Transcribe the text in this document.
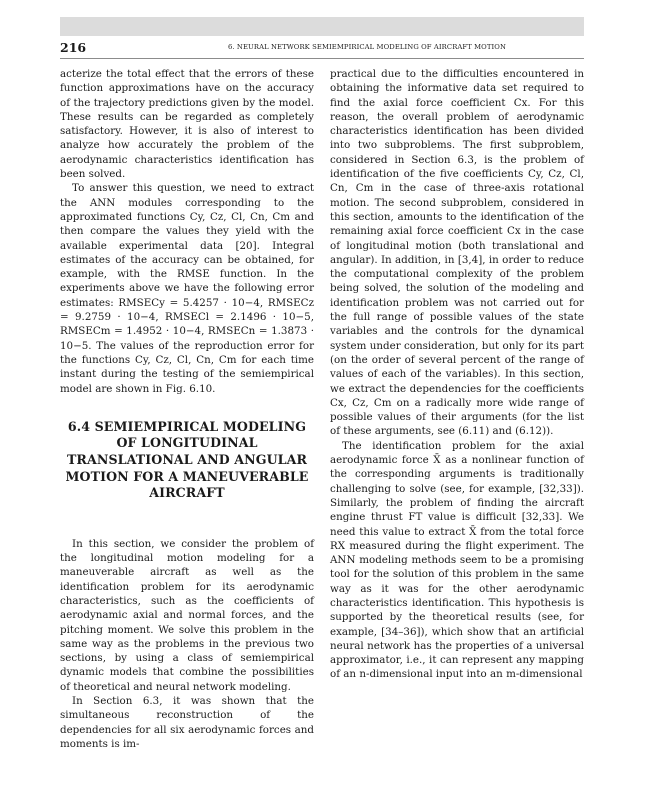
216	6. NEURAL NETWORK SEMIEMPIRICAL MODELING OF AIRCRAFT MOTION

acterize the total effect that the errors of these function approximations have on the accuracy of the trajectory predictions given by the model. These results can be regarded as completely satisfactory. However, it is also of interest to analyze how accurately the problem of the aerodynamic characteristics identification has been solved.

To answer this question, we need to extract the ANN modules corresponding to the approximated functions Cy, Cz, Cl, Cn, Cm and then compare the values they yield with the available experimental data [20]. Integral estimates of the accuracy can be obtained, for example, with the RMSE function. In the experiments above we have the following error estimates: RMSECy = 5.4257 · 10−4, RMSECz = 9.2759 · 10−4, RMSECl = 2.1496 · 10−5, RMSECm = 1.4952 · 10−4, RMSECn = 1.3873 · 10−5. The values of the reproduction error for the functions Cy, Cz, Cl, Cn, Cm for each time instant during the testing of the semiempirical model are shown in Fig. 6.10.

6.4 SEMIEMPIRICAL MODELING OF LONGITUDINAL TRANSLATIONAL AND ANGULAR MOTION FOR A MANEUVERABLE AIRCRAFT

In this section, we consider the problem of the longitudinal motion modeling for a maneuverable aircraft as well as the identification problem for its aerodynamic characteristics, such as the coefficients of aerodynamic axial and normal forces, and the pitching moment. We solve this problem in the same way as the problems in the previous two sections, by using a class of semiempirical dynamic models that combine the possibilities of theoretical and neural network modeling.

In Section 6.3, it was shown that the simultaneous reconstruction of the dependencies for all six aerodynamic forces and moments is im-

practical due to the difficulties encountered in obtaining the informative data set required to find the axial force coefficient Cx. For this reason, the overall problem of aerodynamic characteristics identification has been divided into two subproblems. The first subproblem, considered in Section 6.3, is the problem of identification of the five coefficients Cy, Cz, Cl, Cn, Cm in the case of three-axis rotational motion. The second subproblem, considered in this section, amounts to the identification of the remaining axial force coefficient Cx in the case of longitudinal motion (both translational and angular). In addition, in [3,4], in order to reduce the computational complexity of the problem being solved, the solution of the modeling and identification problem was not carried out for the full range of possible values of the state variables and the controls for the dynamical system under consideration, but only for its part (on the order of several percent of the range of values of each of the variables). In this section, we extract the dependencies for the coefficients Cx, Cz, Cm on a radically more wide range of possible values of their arguments (for the list of these arguments, see (6.11) and (6.12)).

The identification problem for the axial aerodynamic force X̄ as a nonlinear function of the corresponding arguments is traditionally challenging to solve (see, for example, [32,33]). Similarly, the problem of finding the aircraft engine thrust FT value is difficult [32,33]. We need this value to extract X̄ from the total force RX measured during the flight experiment. The ANN modeling methods seem to be a promising tool for the solution of this problem in the same way as it was for the other aerodynamic characteristics identification. This hypothesis is supported by the theoretical results (see, for example, [34–36]), which show that an artificial neural network has the properties of a universal approximator, i.e., it can represent any mapping of an n-dimensional input into an m-dimensional
